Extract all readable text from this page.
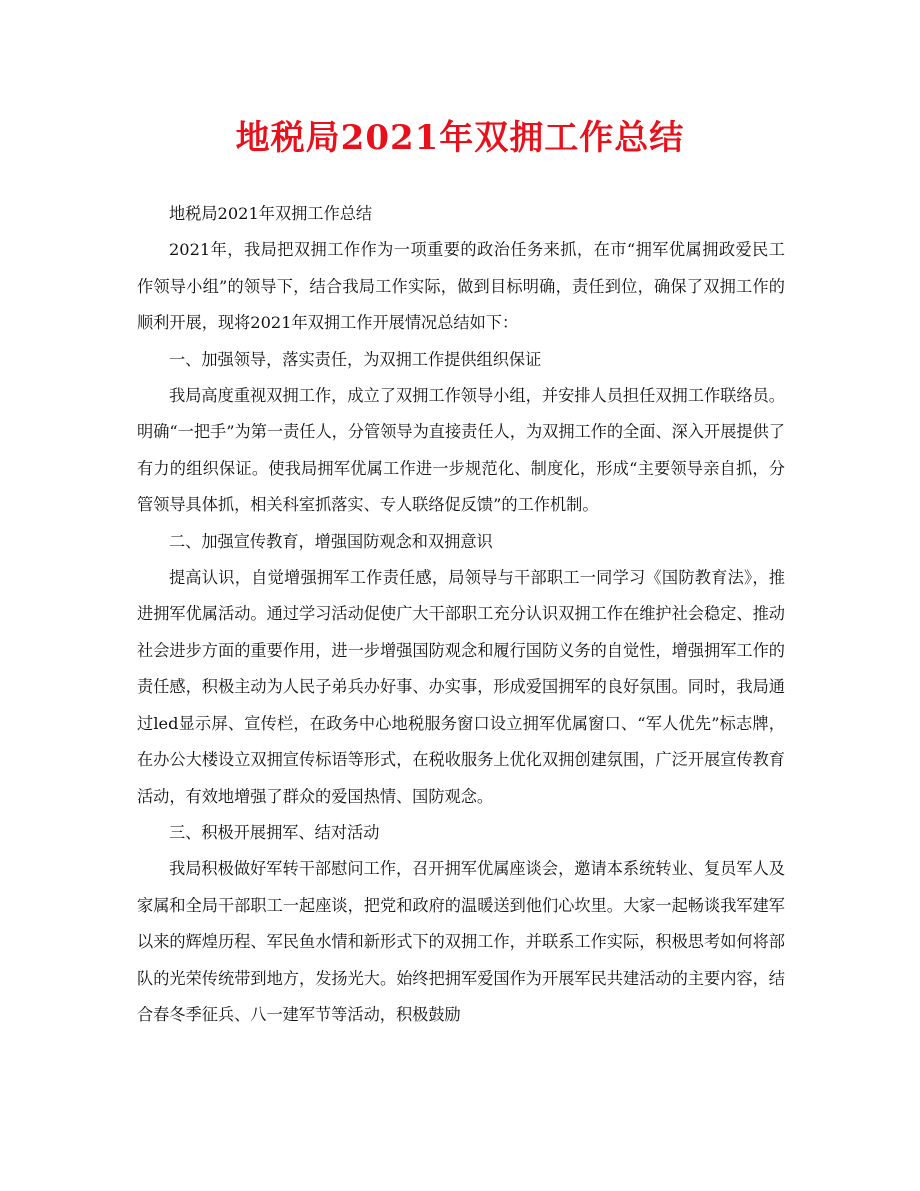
地税局2021年双拥工作总结

地税局2021年双拥工作总结

2021年，我局把双拥工作作为一项重要的政治任务来抓，在市“拥军优属拥政爱民工作领导小组”的领导下，结合我局工作实际，做到目标明确，责任到位，确保了双拥工作的顺利开展，现将2021年双拥工作开展情况总结如下：

一、加强领导，落实责任，为双拥工作提供组织保证

我局高度重视双拥工作，成立了双拥工作领导小组，并安排人员担任双拥工作联络员。明确“一把手”为第一责任人，分管领导为直接责任人，为双拥工作的全面、深入开展提供了有力的组织保证。使我局拥军优属工作进一步规范化、制度化，形成“主要领导亲自抓，分管领导具体抓，相关科室抓落实、专人联络促反馈”的工作机制。

二、加强宣传教育，增强国防观念和双拥意识

提高认识，自觉增强拥军工作责任感，局领导与干部职工一同学习《国防教育法》，推进拥军优属活动。通过学习活动促使广大干部职工充分认识双拥工作在维护社会稳定、推动社会进步方面的重要作用，进一步增强国防观念和履行国防义务的自觉性，增强拥军工作的责任感，积极主动为人民子弟兵办好事、办实事，形成爱国拥军的良好氛围。同时，我局通过led显示屏、宣传栏，在政务中心地税服务窗口设立拥军优属窗口、“军人优先”标志牌，在办公大楼设立双拥宣传标语等形式，在税收服务上优化双拥创建氛围，广泛开展宣传教育活动，有效地增强了群众的爱国热情、国防观念。

三、积极开展拥军、结对活动

我局积极做好军转干部慰问工作，召开拥军优属座谈会，邀请本系统转业、复员军人及家属和全局干部职工一起座谈，把党和政府的温暖送到他们心坎里。大家一起畅谈我军建军以来的辉煌历程、军民鱼水情和新形式下的双拥工作，并联系工作实际，积极思考如何将部队的光荣传统带到地方，发扬光大。始终把拥军爱国作为开展军民共建活动的主要内容，结合春冬季征兵、八一建军节等活动，积极鼓励
